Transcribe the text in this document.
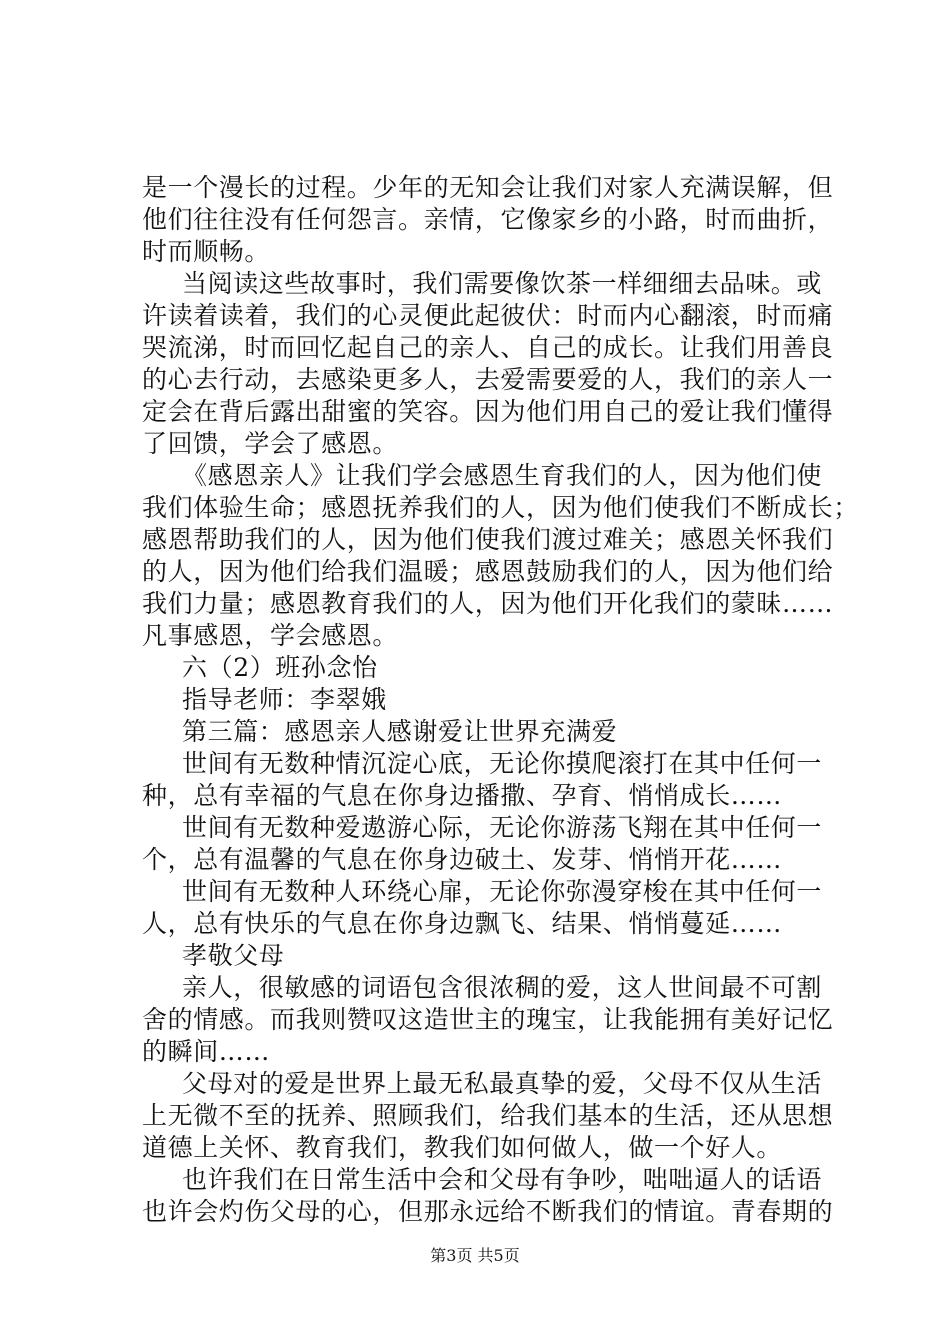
是一个漫长的过程。少年的无知会让我们对家人充满误解，但
他们往往没有任何怨言。亲情，它像家乡的小路，时而曲折，
时而顺畅。
当阅读这些故事时，我们需要像饮茶一样细细去品味。或
许读着读着，我们的心灵便此起彼伏：时而内心翻滚，时而痛
哭流涕，时而回忆起自己的亲人、自己的成长。让我们用善良
的心去行动，去感染更多人，去爱需要爱的人，我们的亲人一
定会在背后露出甜蜜的笑容。因为他们用自己的爱让我们懂得
了回馈，学会了感恩。
《感恩亲人》让我们学会感恩生育我们的人，因为他们使
我们体验生命；感恩抚养我们的人，因为他们使我们不断成长；
感恩帮助我们的人，因为他们使我们渡过难关；感恩关怀我们
的人，因为他们给我们温暖；感恩鼓励我们的人，因为他们给
我们力量；感恩教育我们的人，因为他们开化我们的蒙昧……
凡事感恩，学会感恩。
六（2）班孙念怡
指导老师：李翠娥
第三篇：感恩亲人感谢爱让世界充满爱
世间有无数种情沉淀心底，无论你摸爬滚打在其中任何一
种，总有幸福的气息在你身边播撒、孕育、悄悄成长……
世间有无数种爱遨游心际，无论你游荡飞翔在其中任何一
个，总有温馨的气息在你身边破土、发芽、悄悄开花……
世间有无数种人环绕心扉，无论你弥漫穿梭在其中任何一
人，总有快乐的气息在你身边飘飞、结果、悄悄蔓延……
孝敬父母
亲人，很敏感的词语包含很浓稠的爱，这人世间最不可割
舍的情感。而我则赞叹这造世主的瑰宝，让我能拥有美好记忆
的瞬间……
父母对的爱是世界上最无私最真挚的爱，父母不仅从生活
上无微不至的抚养、照顾我们，给我们基本的生活，还从思想
道德上关怀、教育我们，教我们如何做人，做一个好人。
也许我们在日常生活中会和父母有争吵，咄咄逼人的话语
也许会灼伤父母的心，但那永远给不断我们的情谊。青春期的
第3页 共5页
